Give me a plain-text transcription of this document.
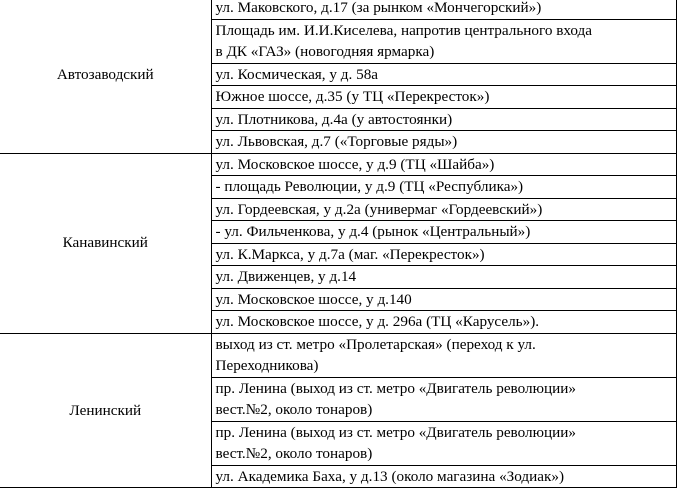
Автозаводский	ул. Маковского, д.17 (за рынком «Мончегорский»)

	Площадь им. И.И.Киселева, напротив центрального входа
в ДК «ГАЗ» (новогодняя ярмарка)

	ул. Космическая, у д. 58а

	Южное шоссе, д.35 (у ТЦ «Перекресток»)

	ул. Плотникова, д.4а (у автостоянки)

	ул. Львовская, д.7 («Торговые ряды»)

Канавинский	ул. Московское шоссе, у д.9 (ТЦ «Шайба»)

	- площадь Революции, у д.9 (ТЦ «Республика»)

	ул. Гордеевская, у д.2а (универмаг «Гордеевский»)

	- ул. Фильченкова, у д.4 (рынок «Центральный»)

	ул. К.Маркса, у д.7а (маг. «Перекресток»)

	ул. Движенцев, у д.14

	ул. Московское шоссе, у д.140

	ул. Московское шоссе, у д. 296а (ТЦ «Карусель»).

Ленинский	выход из ст. метро «Пролетарская» (переход к ул.
Переходникова)

	пр. Ленина (выход из ст. метро «Двигатель революции»
вест.№2, около тонаров)

	пр. Ленина (выход из ст. метро «Двигатель революции»
вест.№2, около тонаров)

	ул. Академика Баха, у д.13 (около магазина «Зодиак»)
